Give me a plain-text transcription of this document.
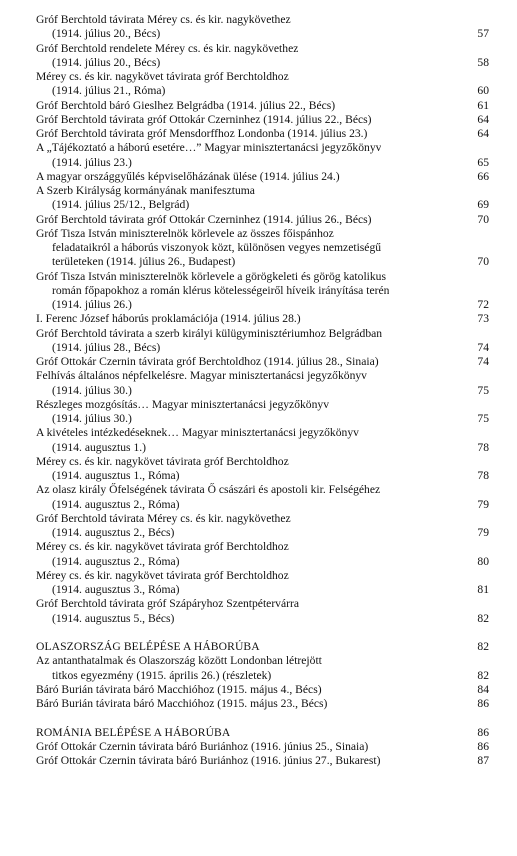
Gróf Berchtold távirata Mérey cs. és kir. nagykövethez
(1914. július 20., Bécs)	57
Gróf Berchtold rendelete Mérey cs. és kir. nagykövethez
(1914. július 20., Bécs)	58
Mérey cs. és kir. nagykövet távirata gróf Berchtoldhoz
(1914. július 21., Róma)	60
Gróf Berchtold báró Gieslhez Belgrádba (1914. július 22., Bécs)	61
Gróf Berchtold távirata gróf Ottokár Czerninhez (1914. július 22., Bécs)	64
Gróf Berchtold távirata gróf Mensdorffhoz Londonba (1914. július 23.)	64
A „Tájékoztató a háború esetére…” Magyar minisztertanácsi jegyzőkönyv
(1914. július 23.)	65
A magyar országgyűlés képviselőházának ülése (1914. július 24.)	66
A Szerb Királyság kormányának manifesztuma
(1914. július 25/12., Belgrád)	69
Gróf Berchtold távirata gróf Ottokár Czerninhez (1914. július 26., Bécs)	70
Gróf Tisza István miniszterelnök körlevele az összes főispánhoz
feladataikról a háborús viszonyok közt, különösen vegyes nemzetiségű
területeken (1914. július 26., Budapest)	70
Gróf Tisza István miniszterelnök körlevele a görögkeleti és görög katolikus
román főpapokhoz a román klérus kötelességeiről híveik irányítása terén
(1914. július 26.)	72
I. Ferenc József háborús proklamációja (1914. július 28.)	73
Gróf Berchtold távirata a szerb királyi külügyminisztériumhoz Belgrádban
(1914. július 28., Bécs)	74
Gróf Ottokár Czernin távirata gróf Berchtoldhoz (1914. július 28., Sinaia)	74
Felhívás általános népfelkelésre. Magyar minisztertanácsi jegyzőkönyv
(1914. július 30.)	75
Részleges mozgósítás… Magyar minisztertanácsi jegyzőkönyv
(1914. július 30.)	75
A kivételes intézkedéseknek… Magyar minisztertanácsi jegyzőkönyv
(1914. augusztus 1.)	78
Mérey cs. és kir. nagykövet távirata gróf Berchtoldhoz
(1914. augusztus 1., Róma)	78
Az olasz király Őfelségének távirata Ő császári és apostoli kir. Felségéhez
(1914. augusztus 2., Róma)	79
Gróf Berchtold távirata Mérey cs. és kir. nagykövethez
(1914. augusztus 2., Bécs)	79
Mérey cs. és kir. nagykövet távirata gróf Berchtoldhoz
(1914. augusztus 2., Róma)	80
Mérey cs. és kir. nagykövet távirata gróf Berchtoldhoz
(1914. augusztus 3., Róma)	81
Gróf Berchtold távirata gróf Szápáryhoz Szentpétervárra
(1914. augusztus 5., Bécs)	82
OLASZORSZÁG BELÉPÉSE A HÁBORÚBA	82
Az antanthatalmak és Olaszország között Londonban létrejött
titkos egyezmény (1915. április 26.) (részletek)	82
Báró Burián távirata báró Macchióhoz (1915. május 4., Bécs)	84
Báró Burián távirata báró Macchióhoz (1915. május 23., Bécs)	86
ROMÁNIA BELÉPÉSE A HÁBORÚBA	86
Gróf Ottokár Czernin távirata báró Buriánhoz (1916. június 25., Sinaia)	86
Gróf Ottokár Czernin távirata báró Buriánhoz (1916. június 27., Bukarest)	87
